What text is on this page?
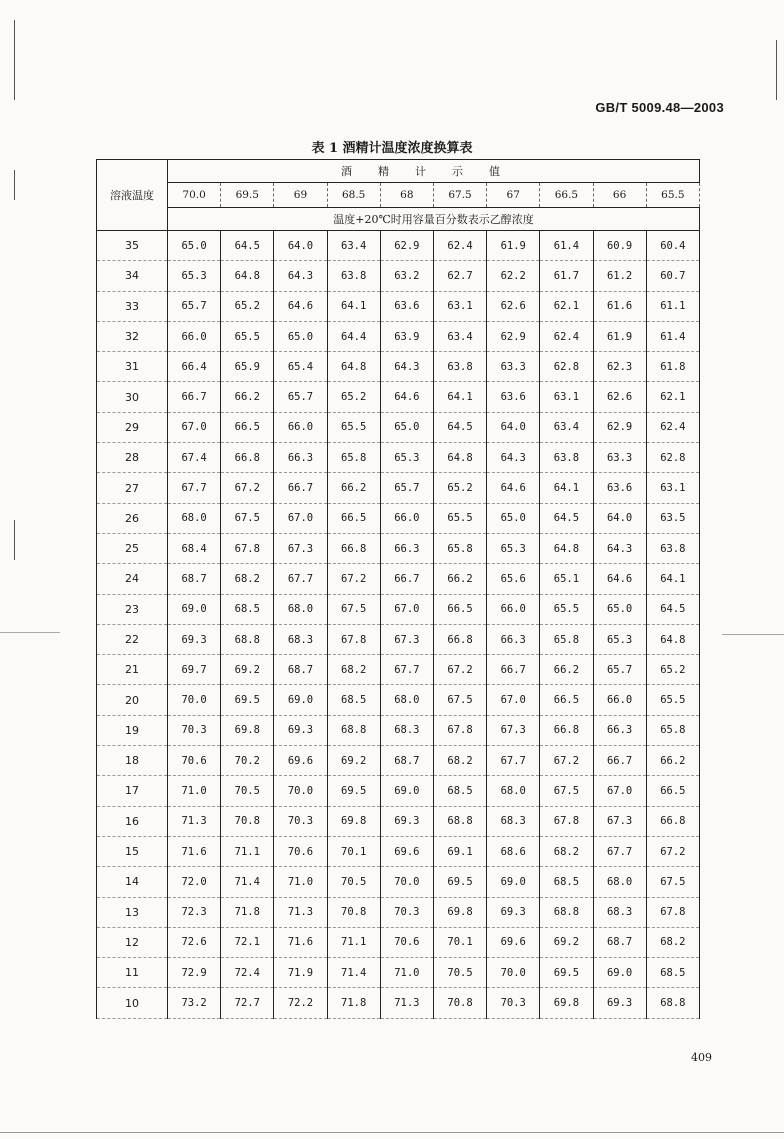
GB/T 5009.48—2003
表 1 酒精计温度浓度换算表
溶液温度	酒精计示值									
	70.0	69.5	69	68.5	68	67.5	67	66.5	66	65.5
	温度+20℃时用容量百分数表示乙醇浓度									
35	65.0	64.5	64.0	63.4	62.9	62.4	61.9	61.4	60.9	60.4
34	65.3	64.8	64.3	63.8	63.2	62.7	62.2	61.7	61.2	60.7
33	65.7	65.2	64.6	64.1	63.6	63.1	62.6	62.1	61.6	61.1
32	66.0	65.5	65.0	64.4	63.9	63.4	62.9	62.4	61.9	61.4
31	66.4	65.9	65.4	64.8	64.3	63.8	63.3	62.8	62.3	61.8
30	66.7	66.2	65.7	65.2	64.6	64.1	63.6	63.1	62.6	62.1
29	67.0	66.5	66.0	65.5	65.0	64.5	64.0	63.4	62.9	62.4
28	67.4	66.8	66.3	65.8	65.3	64.8	64.3	63.8	63.3	62.8
27	67.7	67.2	66.7	66.2	65.7	65.2	64.6	64.1	63.6	63.1
26	68.0	67.5	67.0	66.5	66.0	65.5	65.0	64.5	64.0	63.5
25	68.4	67.8	67.3	66.8	66.3	65.8	65.3	64.8	64.3	63.8
24	68.7	68.2	67.7	67.2	66.7	66.2	65.6	65.1	64.6	64.1
23	69.0	68.5	68.0	67.5	67.0	66.5	66.0	65.5	65.0	64.5
22	69.3	68.8	68.3	67.8	67.3	66.8	66.3	65.8	65.3	64.8
21	69.7	69.2	68.7	68.2	67.7	67.2	66.7	66.2	65.7	65.2
20	70.0	69.5	69.0	68.5	68.0	67.5	67.0	66.5	66.0	65.5
19	70.3	69.8	69.3	68.8	68.3	67.8	67.3	66.8	66.3	65.8
18	70.6	70.2	69.6	69.2	68.7	68.2	67.7	67.2	66.7	66.2
17	71.0	70.5	70.0	69.5	69.0	68.5	68.0	67.5	67.0	66.5
16	71.3	70.8	70.3	69.8	69.3	68.8	68.3	67.8	67.3	66.8
15	71.6	71.1	70.6	70.1	69.6	69.1	68.6	68.2	67.7	67.2
14	72.0	71.4	71.0	70.5	70.0	69.5	69.0	68.5	68.0	67.5
13	72.3	71.8	71.3	70.8	70.3	69.8	69.3	68.8	68.3	67.8
12	72.6	72.1	71.6	71.1	70.6	70.1	69.6	69.2	68.7	68.2
11	72.9	72.4	71.9	71.4	71.0	70.5	70.0	69.5	69.0	68.5
10	73.2	72.7	72.2	71.8	71.3	70.8	70.3	69.8	69.3	68.8
409
